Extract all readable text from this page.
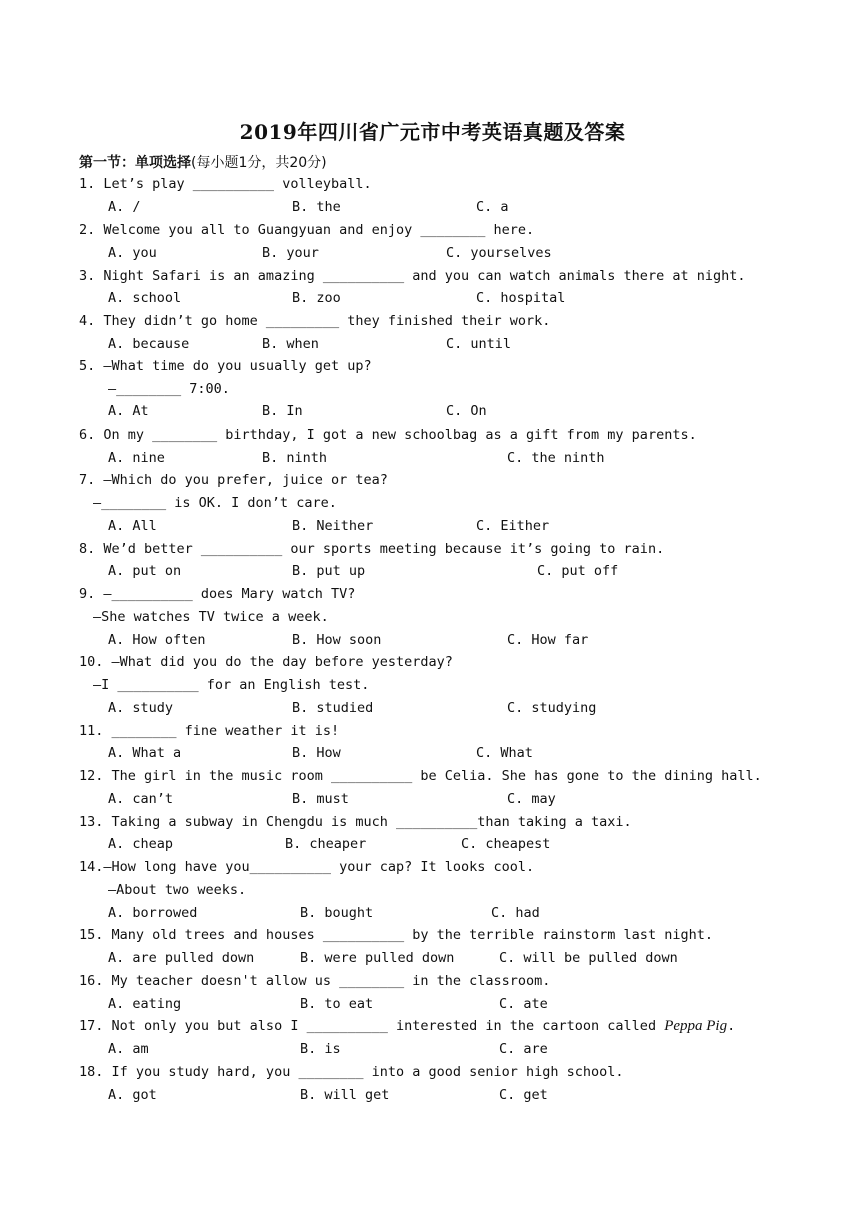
2019年四川省广元市中考英语真题及答案
第一节：单项选择(每小题1分，共20分)
1. Let’s play __________ volleyball.
A. /	B. the	C. a
2. Welcome you all to Guangyuan and enjoy ________ here.
A. you	B. your	C. yourselves
3. Night Safari is an amazing __________ and you can watch animals there at night.
A. school	B. zoo	C. hospital
4. They didn’t go home _________ they finished their work.
A. because	B. when	C. until
5. —What time do you usually get up?
—________ 7:00.
A. At	B. In	C. On
6. On my ________ birthday, I got a new schoolbag as a gift from my parents.
A. nine	B. ninth	C. the ninth
7. —Which do you prefer, juice or tea?
—________ is OK. I don’t care.
A. All	B. Neither	C. Either
8. We’d better __________ our sports meeting because it’s going to rain.
A. put on	B. put up	C. put off
9. —__________ does Mary watch TV?
—She watches TV twice a week.
A. How often	B. How soon	C. How far
10. —What did you do the day before yesterday?
—I __________ for an English test.
A. study	B. studied	C. studying
11. ________ fine weather it is!
A. What a	B. How	C. What
12. The girl in the music room __________ be Celia. She has gone to the dining hall.
A. can’t	B. must	C. may
13. Taking a subway in Chengdu is much __________than taking a taxi.
A. cheap	B. cheaper	C. cheapest
14.—How long have you__________ your cap? It looks cool.
—About two weeks.
A. borrowed	B. bought	C. had
15. Many old trees and houses __________ by the terrible rainstorm last night.
A. are pulled down	B. were pulled down	C. will be pulled down
16. My teacher doesn't allow us ________ in the classroom.
A. eating	B. to eat	C. ate
17. Not only you but also I __________ interested in the cartoon called Peppa Pig.
A. am	B. is	C. are
18. If you study hard, you ________ into a good senior high school.
A. got	B. will get	C. get
